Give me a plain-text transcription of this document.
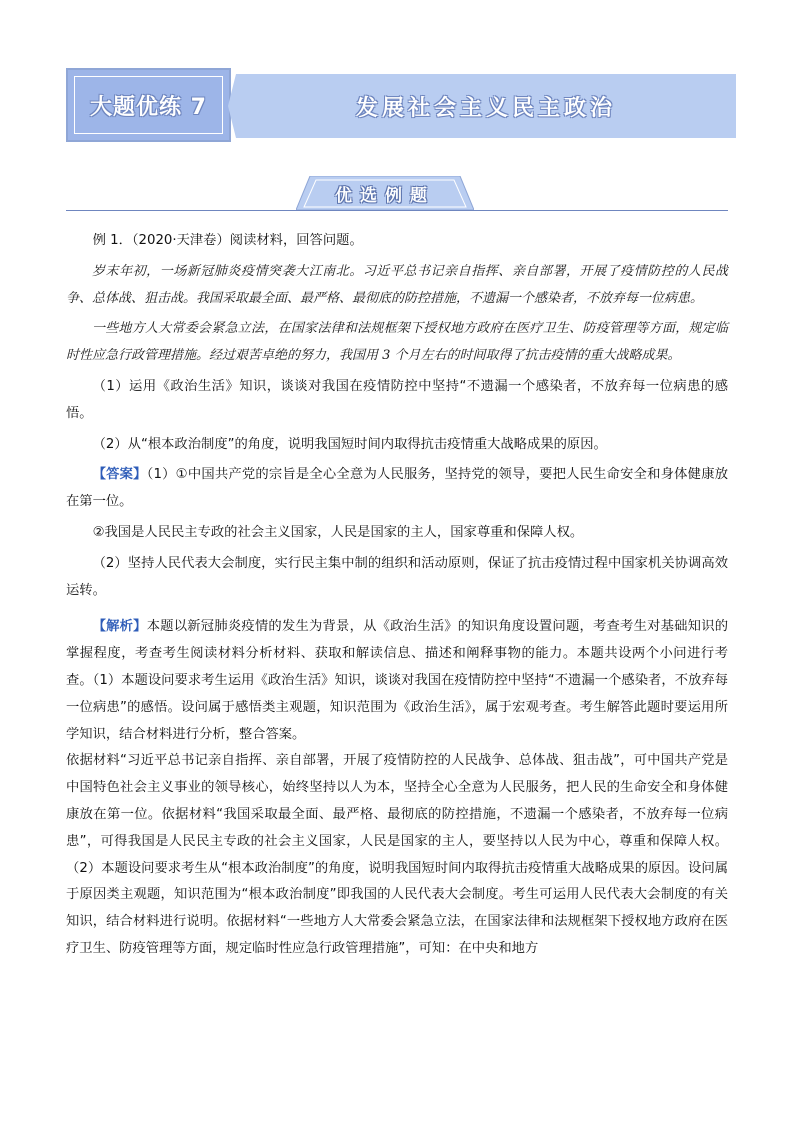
大题优练 7	发展社会主义民主政治
优选例题

例 1．（2020·天津卷）阅读材料，回答问题。

岁末年初，一场新冠肺炎疫情突袭大江南北。习近平总书记亲自指挥、亲自部署，开展了疫情防控的人民战争、总体战、狙击战。我国采取最全面、最严格、最彻底的防控措施，不遗漏一个感染者，不放弃每一位病患。

一些地方人大常委会紧急立法，在国家法律和法规框架下授权地方政府在医疗卫生、防疫管理等方面，规定临时性应急行政管理措施。经过艰苦卓绝的努力，我国用 3 个月左右的时间取得了抗击疫情的重大战略成果。

（1）运用《政治生活》知识，谈谈对我国在疫情防控中坚持“不遗漏一个感染者，不放弃每一位病患的感悟。

（2）从“根本政治制度”的角度，说明我国短时间内取得抗击疫情重大战略成果的原因。

【答案】（1）①中国共产党的宗旨是全心全意为人民服务，坚持党的领导，要把人民生命安全和身体健康放在第一位。

②我国是人民民主专政的社会主义国家，人民是国家的主人，国家尊重和保障人权。

（2）坚持人民代表大会制度，实行民主集中制的组织和活动原则，保证了抗击疫情过程中国家机关协调高效运转。

【解析】本题以新冠肺炎疫情的发生为背景，从《政治生活》的知识角度设置问题，考查考生对基础知识的掌握程度，考查考生阅读材料分析材料、获取和解读信息、描述和阐释事物的能力。本题共设两个小问进行考查。（1）本题设问要求考生运用《政治生活》知识，谈谈对我国在疫情防控中坚持“不遗漏一个感染者，不放弃每一位病患”的感悟。设问属于感悟类主观题，知识范围为《政治生活》，属于宏观考查。考生解答此题时要运用所学知识，结合材料进行分析，整合答案。

依据材料“习近平总书记亲自指挥、亲自部署，开展了疫情防控的人民战争、总体战、狙击战”，可中国共产党是中国特色社会主义事业的领导核心，始终坚持以人为本，坚持全心全意为人民服务，把人民的生命安全和身体健康放在第一位。依据材料“我国采取最全面、最严格、最彻底的防控措施，不遗漏一个感染者，不放弃每一位病患”，可得我国是人民民主专政的社会主义国家，人民是国家的主人，要坚持以人民为中心，尊重和保障人权。（2）本题设问要求考生从“根本政治制度”的角度，说明我国短时间内取得抗击疫情重大战略成果的原因。设问属于原因类主观题，知识范围为“根本政治制度”即我国的人民代表大会制度。考生可运用人民代表大会制度的有关知识，结合材料进行说明。依据材料“一些地方人大常委会紧急立法，在国家法律和法规框架下授权地方政府在医疗卫生、防疫管理等方面，规定临时性应急行政管理措施”，可知：在中央和地方
